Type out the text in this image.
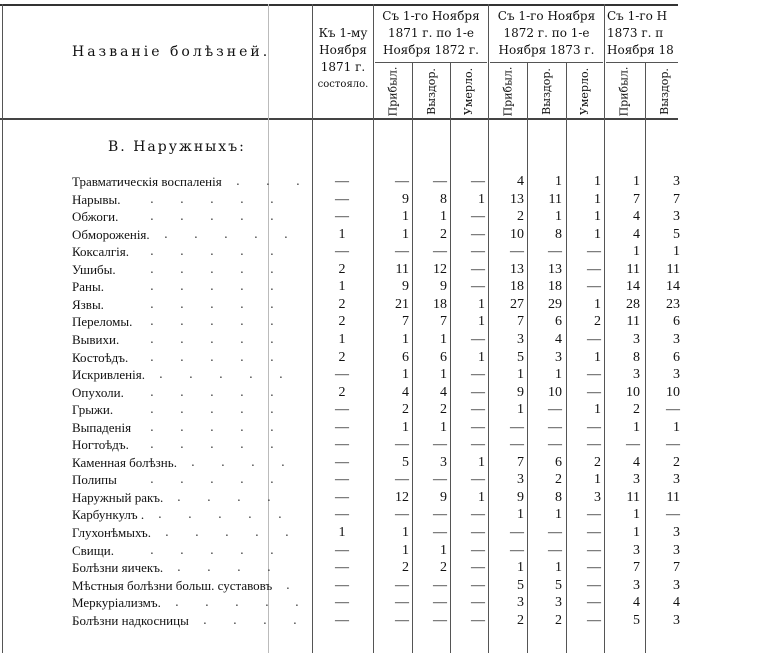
Названіе болѣзней.
Къ 1-му
Ноября
1871 г.
состояло.
Съ 1-го Ноября
1871 г. по 1-е
Ноября 1872 г.
Съ 1-го Ноября
1872 г. по 1-е
Ноября 1873 г.
Съ 1-го Н
1873 г. п
Ноября 18
Прибыл. Выздор. Умерло. Прибыл. Выздор. Умерло. Прибыл. Выздор.
В. Наружныхъ:
Травматическія воспаленія	—	—	—	—	4	1	1	1	3
. . .
Нарывы.	—	9	8	1	13	11	1	7	7
. . . . .
Обжоги.	—	1	1	—	2	1	1	4	3
. . . . .
Обмороженія.	1	1	2	—	10	8	1	4	5
. . . . .
Коксалгія.	—	—	—	—	—	—	—	1	1
. . . . .
Ушибы.	2	11	12	—	13	13	—	11	11
. . . . .
Раны.	1	9	9	—	18	18	—	14	14
. . . . .
Язвы.	2	21	18	1	27	29	1	28	23
. . . . .
Переломы.	2	7	7	1	7	6	2	11	6
. . . . .
Вывихи.	1	1	1	—	3	4	—	3	3
. . . . .
Костоѣдъ.	2	6	6	1	5	3	1	8	6
. . . . .
Искривленія.	—	1	1	—	1	1	—	3	3
. . . . .
Опухоли.	2	4	4	—	9	10	—	10	10
. . . . .
Грыжи.	—	2	2	—	1	—	1	2	—
. . . . .
Выпаденія	—	1	1	—	—	—	—	1	1
. . . . .
Ногтоѣдъ.	—	—	—	—	—	—	—	—	—
. . . . .
Каменная болѣзнь.	—	5	3	1	7	6	2	4	2
. . . .
Полипы	—	—	—	—	3	2	1	3	3
. . . . .
Наружный ракъ.	—	12	9	1	9	8	3	11	11
. . . .
Карбункулъ .	—	—	—	—	1	1	—	1	—
. . . . .
Глухонѣмыхъ.	1	1	—	—	—	—	—	1	3
. . . . .
Свищи.	—	1	1	—	—	—	—	3	3
. . . . .
Болѣзни яичекъ.	—	2	2	—	1	1	—	7	7
. . . .
Мѣстныя болѣзни больш. суставовъ	—	—	—	—	5	5	—	3	3
.
Меркуріализмъ.	—	—	—	—	3	3	—	4	4
. . . . .
Болѣзни надкосницы	—	—	—	—	2	2	—	5	3
. . . .
